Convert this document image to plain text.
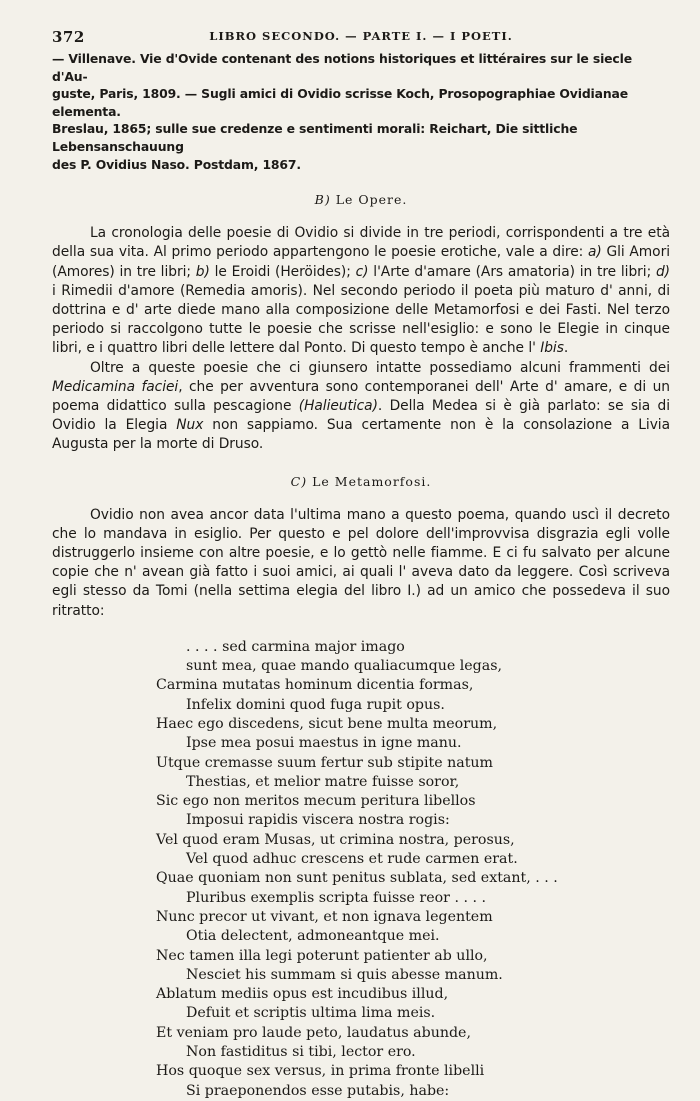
372	LIBRO SECONDO. — PARTE I. — I POETI.
— Villenave. Vie d'Ovide contenant des notions historiques et littéraires sur le siecle d'Au-
guste, Paris, 1809. — Sugli amici di Ovidio scrisse Koch, Prosopographiae Ovidianae elementa.
Breslau, 1865; sulle sue credenze e sentimenti morali: Reichart, Die sittliche Lebensanschauung
des P. Ovidius Naso. Postdam, 1867.
B) Le Opere.

La cronologia delle poesie di Ovidio si divide in tre periodi, corrispondenti a tre età della sua vita. Al primo periodo appartengono le poesie erotiche, vale a dire: a) Gli Amori (Amores) in tre libri; b) le Eroidi (Heröides); c) l'Arte d'amare (Ars amatoria) in tre libri; d) i Rimedii d'amore (Remedia amoris). Nel secondo periodo il poeta più maturo d' anni, di dottrina e d' arte diede mano alla composizione delle Metamorfosi e dei Fasti. Nel terzo periodo si raccolgono tutte le poesie che scrisse nell'esiglio: e sono le Elegie in cinque libri, e i quattro libri delle lettere dal Ponto. Di questo tempo è anche l' Ibis.

Oltre a queste poesie che ci giunsero intatte possediamo alcuni frammenti dei Medicamina faciei, che per avventura sono contemporanei dell' Arte d' amare, e di un poema didattico sulla pescagione (Halieutica). Della Medea si è già parlato: se sia di Ovidio la Elegia Nux non sappiamo. Sua certamente non è la consolazione a Livia Augusta per la morte di Druso.

C) Le Metamorfosi.

Ovidio non avea ancor data l'ultima mano a questo poema, quando uscì il decreto che lo mandava in esiglio. Per questo e pel dolore dell'improvvisa disgrazia egli volle distruggerlo insieme con altre poesie, e lo gettò nelle fiamme. E ci fu salvato per alcune copie che n' avean già fatto i suoi amici, ai quali l' aveva dato da leggere. Così scriveva egli stesso da Tomi (nella settima elegia del libro I.) ad un amico che possedeva il suo ritratto:

. . . . sed carmina major imago
sunt mea, quae mando qualiacumque legas,
Carmina mutatas hominum dicentia formas,
Infelix domini quod fuga rupit opus.
Haec ego discedens, sicut bene multa meorum,
Ipse mea posui maestus in igne manu.
Utque cremasse suum fertur sub stipite natum
Thestias, et melior matre fuisse soror,
Sic ego non meritos mecum peritura libellos
Imposui rapidis viscera nostra rogis:
Vel quod eram Musas, ut crimina nostra, perosus,
Vel quod adhuc crescens et rude carmen erat.
Quae quoniam non sunt penitus sublata, sed extant, . . .
Pluribus exemplis scripta fuisse reor . . . .
Nunc precor ut vivant, et non ignava legentem
Otia delectent, admoneantque mei.
Nec tamen illa legi poterunt patienter ab ullo,
Nesciet his summam si quis abesse manum.
Ablatum mediis opus est incudibus illud,
Defuit et scriptis ultima lima meis.
Et veniam pro laude peto, laudatus abunde,
Non fastiditus si tibi, lector ero.
Hos quoque sex versus, in prima fronte libelli
Si praeponendos esse putabis, habe:
